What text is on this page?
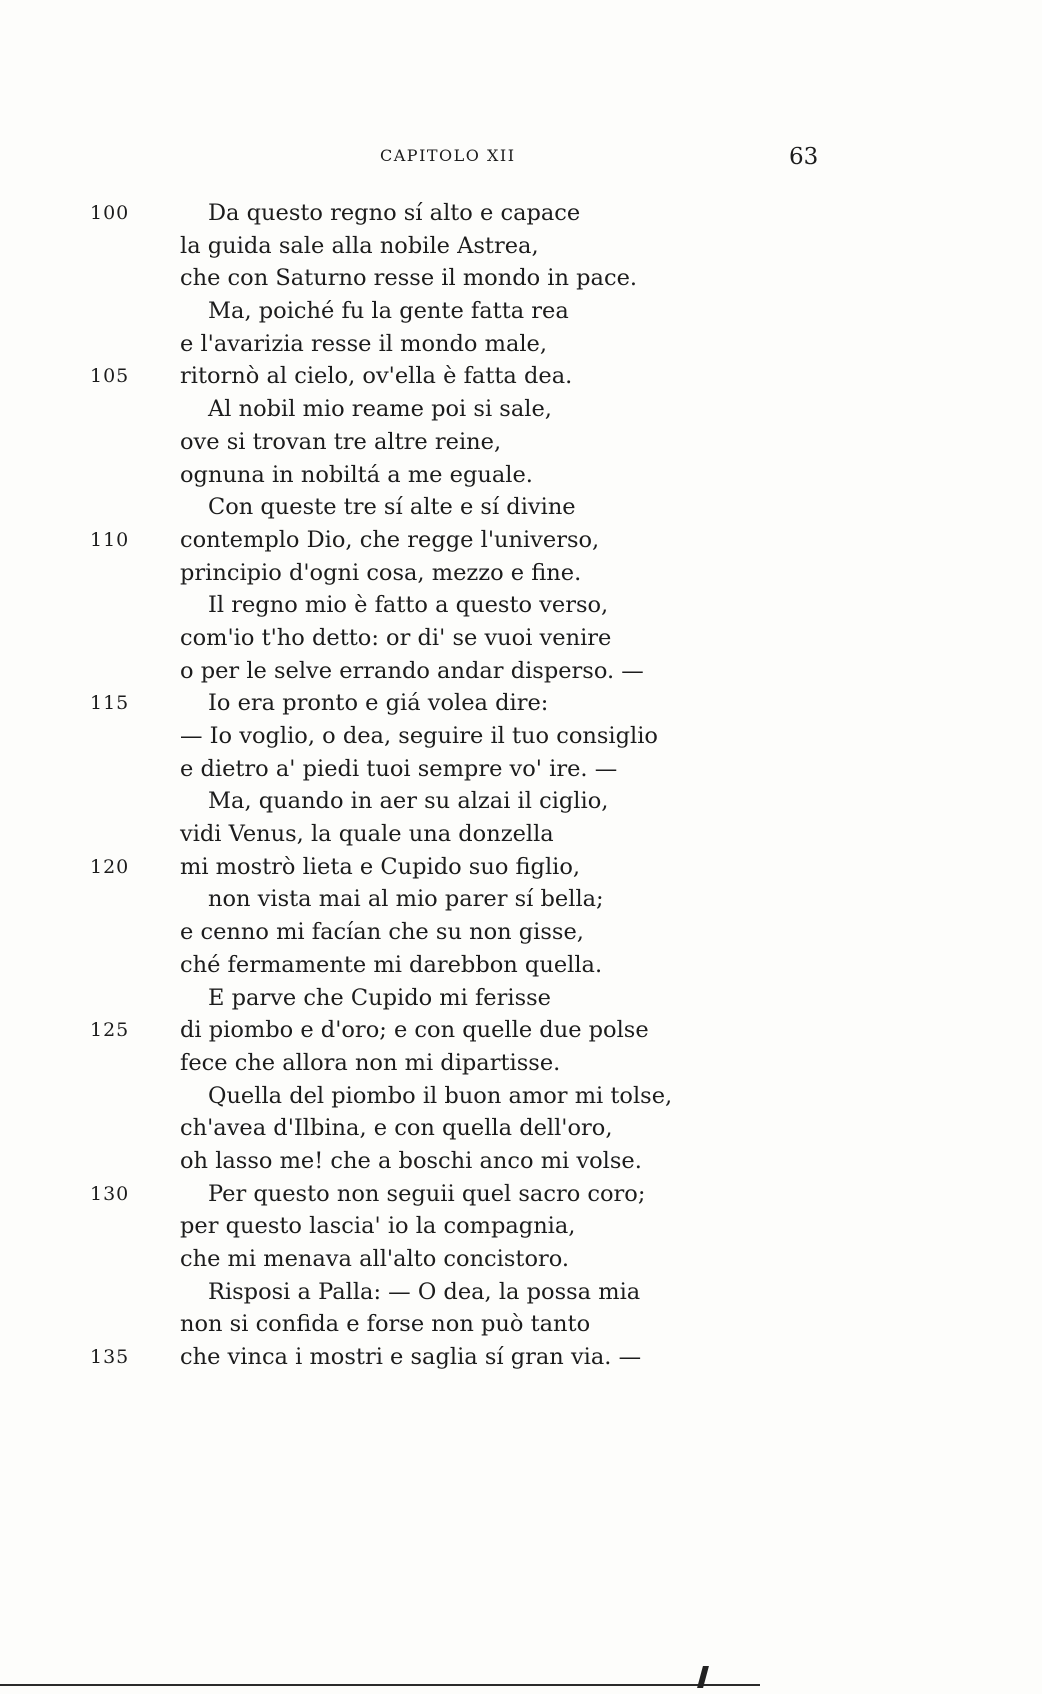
CAPITOLO XII	63
100	Da questo regno sí alto e capace
la guida sale alla nobile Astrea,
che con Saturno resse il mondo in pace.
Ma, poiché fu la gente fatta rea
e l'avarizia resse il mondo male,
105 ritornò al cielo, ov'ella è fatta dea.
Al nobil mio reame poi si sale,
ove si trovan tre altre reine,
ognuna in nobiltá a me eguale.
Con queste tre sí alte e sí divine
110 contemplo Dio, che regge l'universo,
principio d'ogni cosa, mezzo e fine.
Il regno mio è fatto a questo verso,
com'io t'ho detto: or di' se vuoi venire
o per le selve errando andar disperso. —
115	Io era pronto e giá volea dire:
— Io voglio, o dea, seguire il tuo consiglio
e dietro a' piedi tuoi sempre vo' ire. —
Ma, quando in aer su alzai il ciglio,
vidi Venus, la quale una donzella
120 mi mostrò lieta e Cupido suo figlio,
non vista mai al mio parer sí bella;
e cenno mi facían che su non gisse,
ché fermamente mi darebbon quella.
E parve che Cupido mi ferisse
125 di piombo e d'oro; e con quelle due polse
fece che allora non mi dipartisse.
Quella del piombo il buon amor mi tolse,
ch'avea d'Ilbina, e con quella dell'oro,
oh lasso me! che a boschi anco mi volse.
130	Per questo non seguii quel sacro coro;
per questo lascia' io la compagnia,
che mi menava all'alto concistoro.
Risposi a Palla: — O dea, la possa mia
non si confida e forse non può tanto
135 che vinca i mostri e saglia sí gran via. —
